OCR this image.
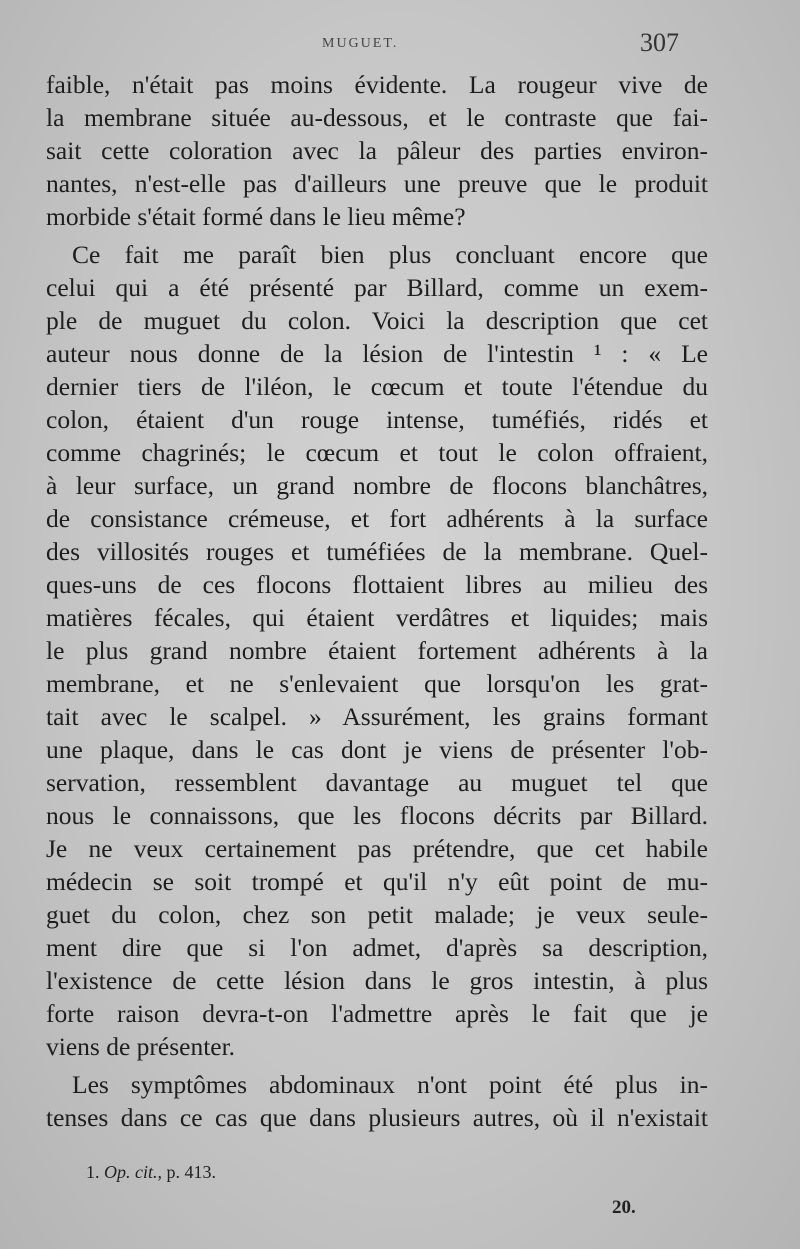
MUGUET.	307
faible, n'était pas moins évidente. La rougeur vive de
la membrane située au-dessous, et le contraste que fai-
sait cette coloration avec la pâleur des parties environ-
nantes, n'est-elle pas d'ailleurs une preuve que le produit
morbide s'était formé dans le lieu même?
Ce fait me paraît bien plus concluant encore que
celui qui a été présenté par Billard, comme un exem-
ple de muguet du colon. Voici la description que cet
auteur nous donne de la lésion de l'intestin ¹ : « Le
dernier tiers de l'iléon, le cœcum et toute l'étendue du
colon, étaient d'un rouge intense, tuméfiés, ridés et
comme chagrinés; le cœcum et tout le colon offraient,
à leur surface, un grand nombre de flocons blanchâtres,
de consistance crémeuse, et fort adhérents à la surface
des villosités rouges et tuméfiées de la membrane. Quel-
ques-uns de ces flocons flottaient libres au milieu des
matières fécales, qui étaient verdâtres et liquides; mais
le plus grand nombre étaient fortement adhérents à la
membrane, et ne s'enlevaient que lorsqu'on les grat-
tait avec le scalpel. » Assurément, les grains formant
une plaque, dans le cas dont je viens de présenter l'ob-
servation, ressemblent davantage au muguet tel que
nous le connaissons, que les flocons décrits par Billard.
Je ne veux certainement pas prétendre, que cet habile
médecin se soit trompé et qu'il n'y eût point de mu-
guet du colon, chez son petit malade; je veux seule-
ment dire que si l'on admet, d'après sa description,
l'existence de cette lésion dans le gros intestin, à plus
forte raison devra-t-on l'admettre après le fait que je
viens de présenter.
Les symptômes abdominaux n'ont point été plus in-
tenses dans ce cas que dans plusieurs autres, où il n'existait
1. Op. cit., p. 413.
20.
